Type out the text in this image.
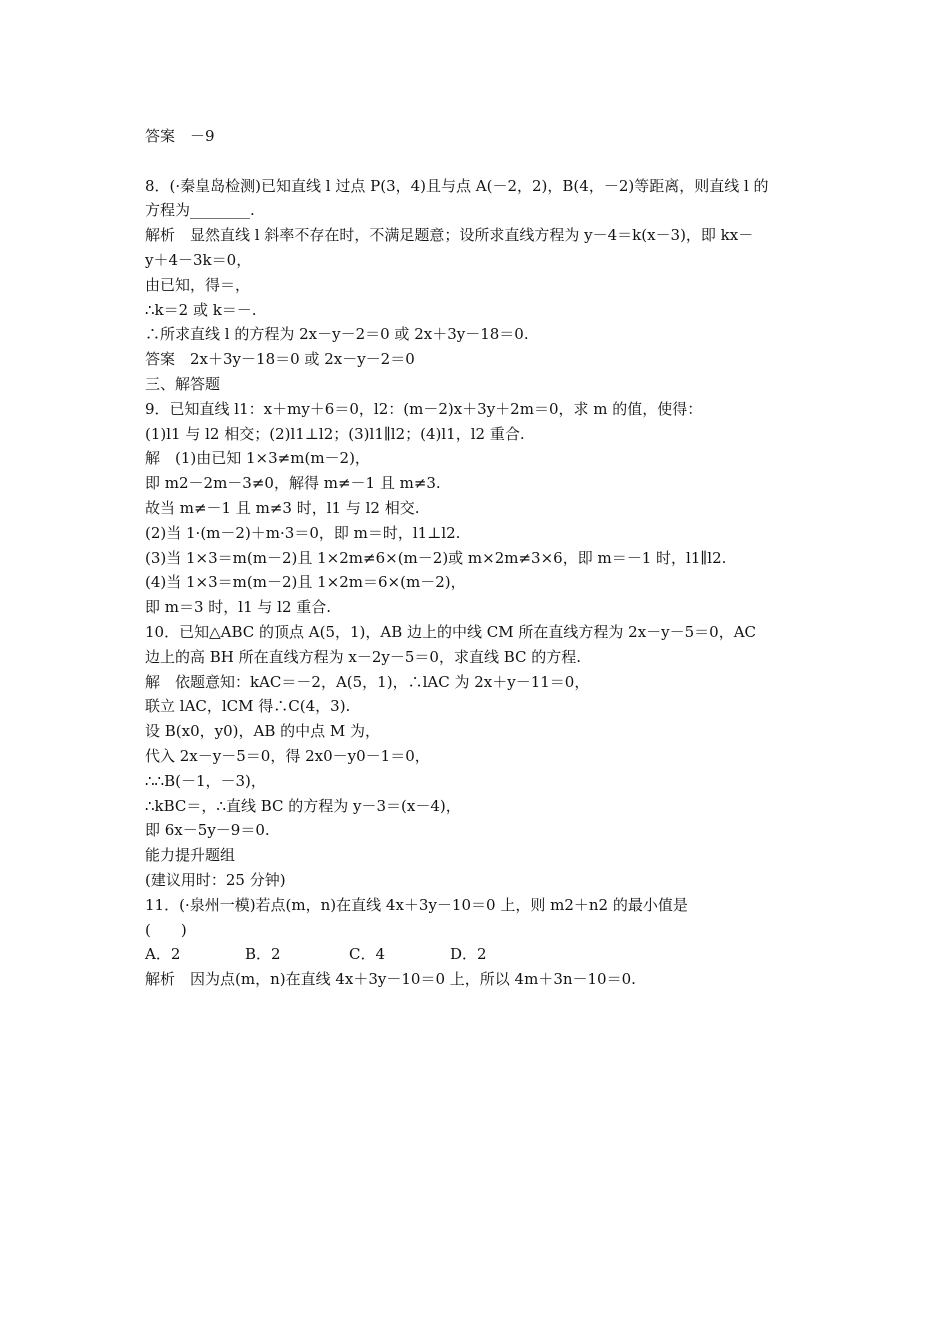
答案　－9
8．(·秦皇岛检测)已知直线 l 过点 P(3，4)且与点 A(－2，2)，B(4，－2)等距离，则直线 l 的
方程为________.
解析　显然直线 l 斜率不存在时，不满足题意；设所求直线方程为 y－4＝k(x－3)，即 kx－
y＋4－3k＝0，
由已知，得＝，
∴k＝2 或 k＝－.
∴所求直线 l 的方程为 2x－y－2＝0 或 2x＋3y－18＝0.
答案　2x＋3y－18＝0 或 2x－y－2＝0
三、解答题
9．已知直线 l1：x＋my＋6＝0，l2：(m－2)x＋3y＋2m＝0，求 m 的值，使得：
(1)l1 与 l2 相交；(2)l1⊥l2；(3)l1∥l2；(4)l1，l2 重合.
解　(1)由已知 1×3≠m(m－2)，
即 m2－2m－3≠0，解得 m≠－1 且 m≠3.
故当 m≠－1 且 m≠3 时，l1 与 l2 相交.
(2)当 1·(m－2)＋m·3＝0，即 m＝时，l1⊥l2.
(3)当 1×3＝m(m－2)且 1×2m≠6×(m－2)或 m×2m≠3×6，即 m＝－1 时，l1∥l2.
(4)当 1×3＝m(m－2)且 1×2m＝6×(m－2)，
即 m＝3 时，l1 与 l2 重合.
10．已知△ABC 的顶点 A(5，1)，AB 边上的中线 CM 所在直线方程为 2x－y－5＝0，AC
边上的高 BH 所在直线方程为 x－2y－5＝0，求直线 BC 的方程.
解　依题意知：kAC＝－2，A(5，1)，∴lAC 为 2x＋y－11＝0，
联立 lAC，lCM 得∴C(4，3).
设 B(x0，y0)，AB 的中点 M 为，
代入 2x－y－5＝0，得 2x0－y0－1＝0，
∴∴B(－1，－3)，
∴kBC＝，∴直线 BC 的方程为 y－3＝(x－4)，
即 6x－5y－9＝0.
能力提升题组
(建议用时：25 分钟)
11．(·泉州一模)若点(m，n)在直线 4x＋3y－10＝0 上，则 m2＋n2 的最小值是
(　　)
A．2	B．2	C．4	D．2
解析　因为点(m，n)在直线 4x＋3y－10＝0 上，所以 4m＋3n－10＝0.
